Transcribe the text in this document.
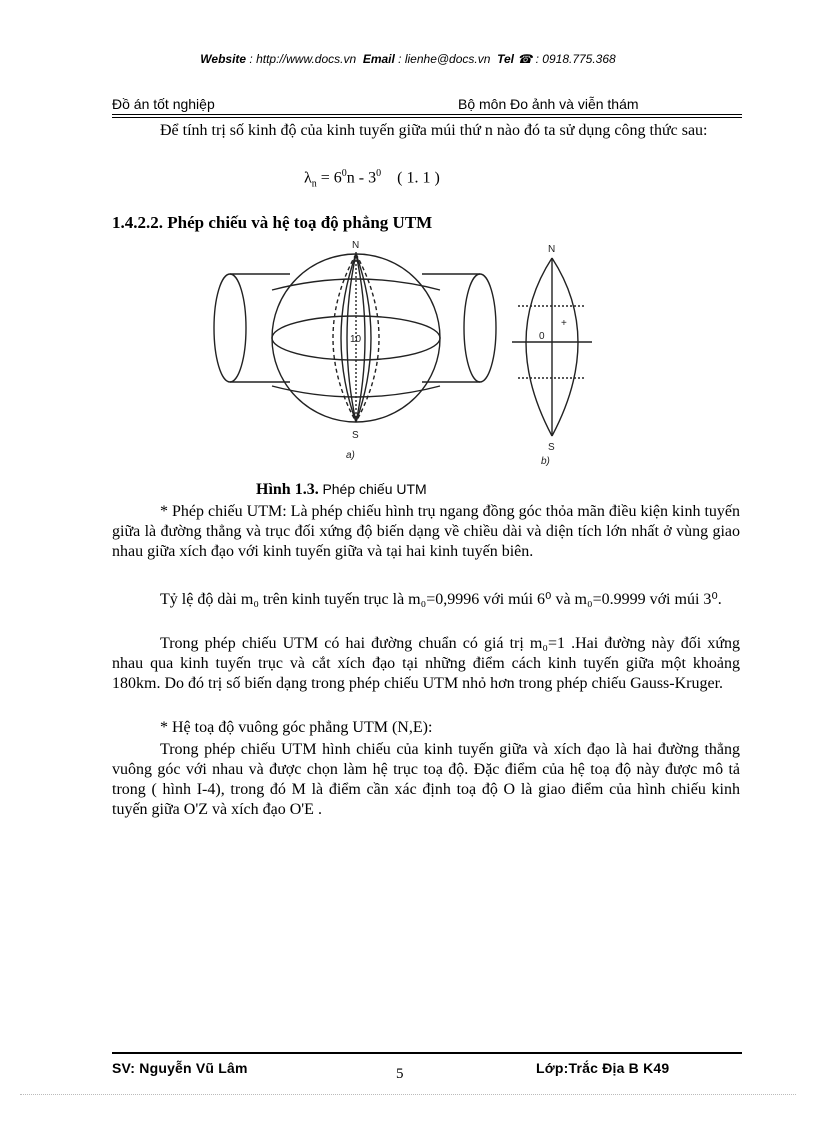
Website : http://www.docs.vn Email : lienhe@docs.vn Tel ☎ : 0918.775.368
Đồ án tốt nghiệp	Bộ môn Đo ảnh và viễn thám
Để tính trị số kinh độ của kinh tuyến giữa múi thứ n nào đó ta sử dụng công thức sau:
$\lambda_n = 6^0n - 3^0$ ( 1. 1 )
1.4.2.2. Phép chiếu và hệ toạ độ phẳng UTM
N
S
10
a)
N
S
0
+
b)
Hình 1.3. Phép chiếu UTM
* Phép chiếu UTM: Là phép chiếu hình trụ ngang đồng góc thỏa mãn điều kiện kinh tuyến giữa là đường thẳng và trục đối xứng độ biến dạng về chiều dài và diện tích lớn nhất ở vùng giao nhau giữa xích đạo với kinh tuyến giữa và tại hai kinh tuyến biên.
Tỷ lệ độ dài m₀ trên kinh tuyến trục là m₀=0,9996 với múi 6⁰ và m₀=0.9999 với múi 3⁰.
Trong phép chiếu UTM có hai đường chuẩn có giá trị m₀=1 .Hai đường này đối xứng nhau qua kinh tuyến trục và cắt xích đạo tại những điểm cách kinh tuyến giữa một khoảng 180km. Do đó trị số biến dạng trong phép chiếu UTM nhỏ hơn trong phép chiếu Gauss-Kruger.
* Hệ toạ độ vuông góc phẳng UTM (N,E):
Trong phép chiếu UTM hình chiếu của kinh tuyến giữa và xích đạo là hai đường thẳng vuông góc với nhau và được chọn làm hệ trục toạ độ. Đặc điểm của hệ toạ độ này được mô tả trong ( hình I-4), trong đó M là điểm cần xác định toạ độ O là giao điểm của hình chiếu kinh tuyến giữa O'Z và xích đạo O'E .
SV: Nguyễn Vũ Lâm	5	Lớp:Trắc Địa B K49
